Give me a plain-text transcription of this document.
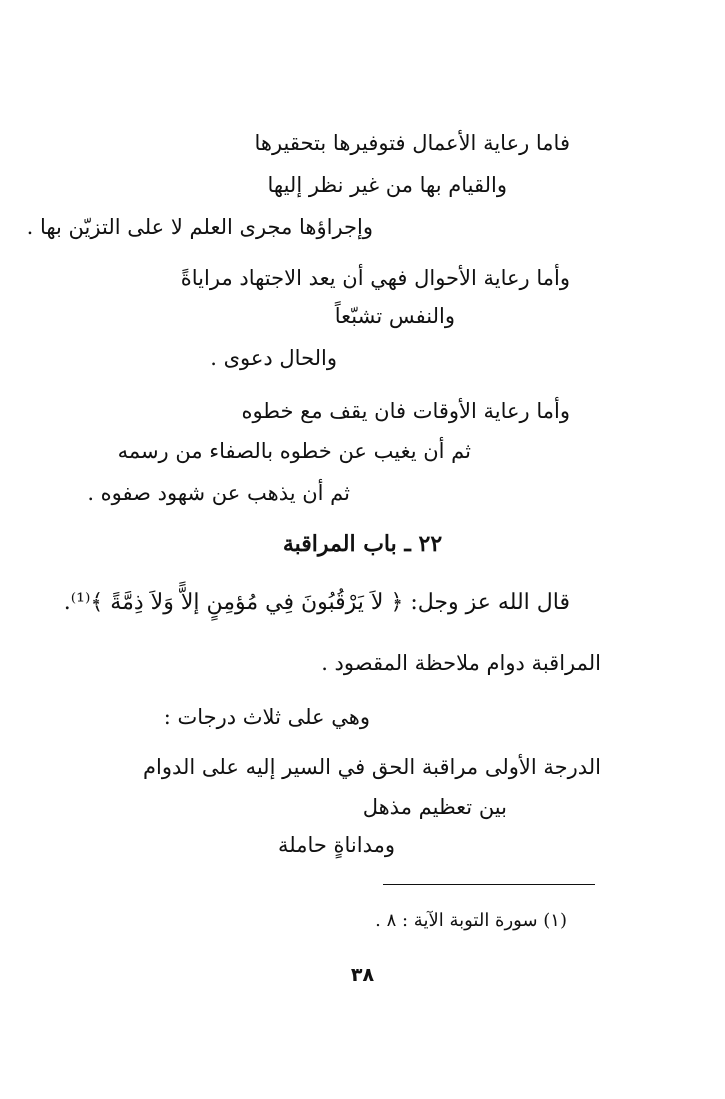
فاما رعاية الأعمال فتوفيرها بتحقيرها
والقيام بها من غير نظر إليها
وإجراؤها مجرى العلم لا على التزيّن بها .
وأما رعاية الأحوال فهي أن يعد الاجتهاد مراياةً
والنفس تشبّعاً
والحال دعوى .
وأما رعاية الأوقات فان يقف مع خطوه
ثم أن يغيب عن خطوه بالصفاء من رسمه
ثم أن يذهب عن شهود صفوه .
٢٢ ـ باب المراقبة
قال الله عز وجل: ﴿ لاَ يَرْقُبُونَ فِي مُؤمِنٍ إلاًّ وَلاَ ذِمَّةً ﴾⁽¹⁾.
المراقبة دوام ملاحظة المقصود .
وهي على ثلاث درجات :
الدرجة الأولى مراقبة الحق في السير إليه على الدوام
بين تعظيم مذهل
ومداناةٍ حاملة
(١) سورة التوبة الآية : ٨ .
٣٨
